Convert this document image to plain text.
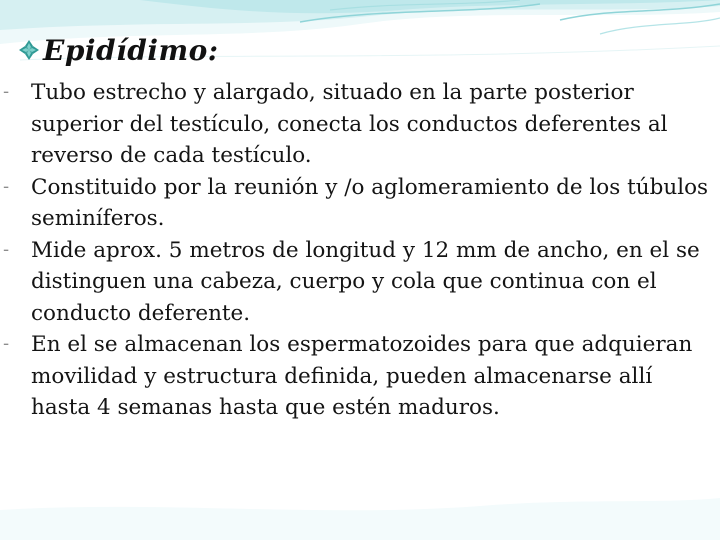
Epidídimo:
- Tubo estrecho y alargado, situado en la parte posterior superior del testículo, conecta los conductos deferentes al reverso de cada testículo.
- Constituido por la reunión y /o aglomeramiento de los túbulos seminíferos.
- Mide aprox. 5 metros de longitud y 12 mm de ancho, en el se distinguen una cabeza, cuerpo y cola que continua con el conducto deferente.
- En el se almacenan los espermatozoides para que adquieran movilidad y estructura definida, pueden almacenarse allí hasta 4 semanas hasta que estén maduros.
